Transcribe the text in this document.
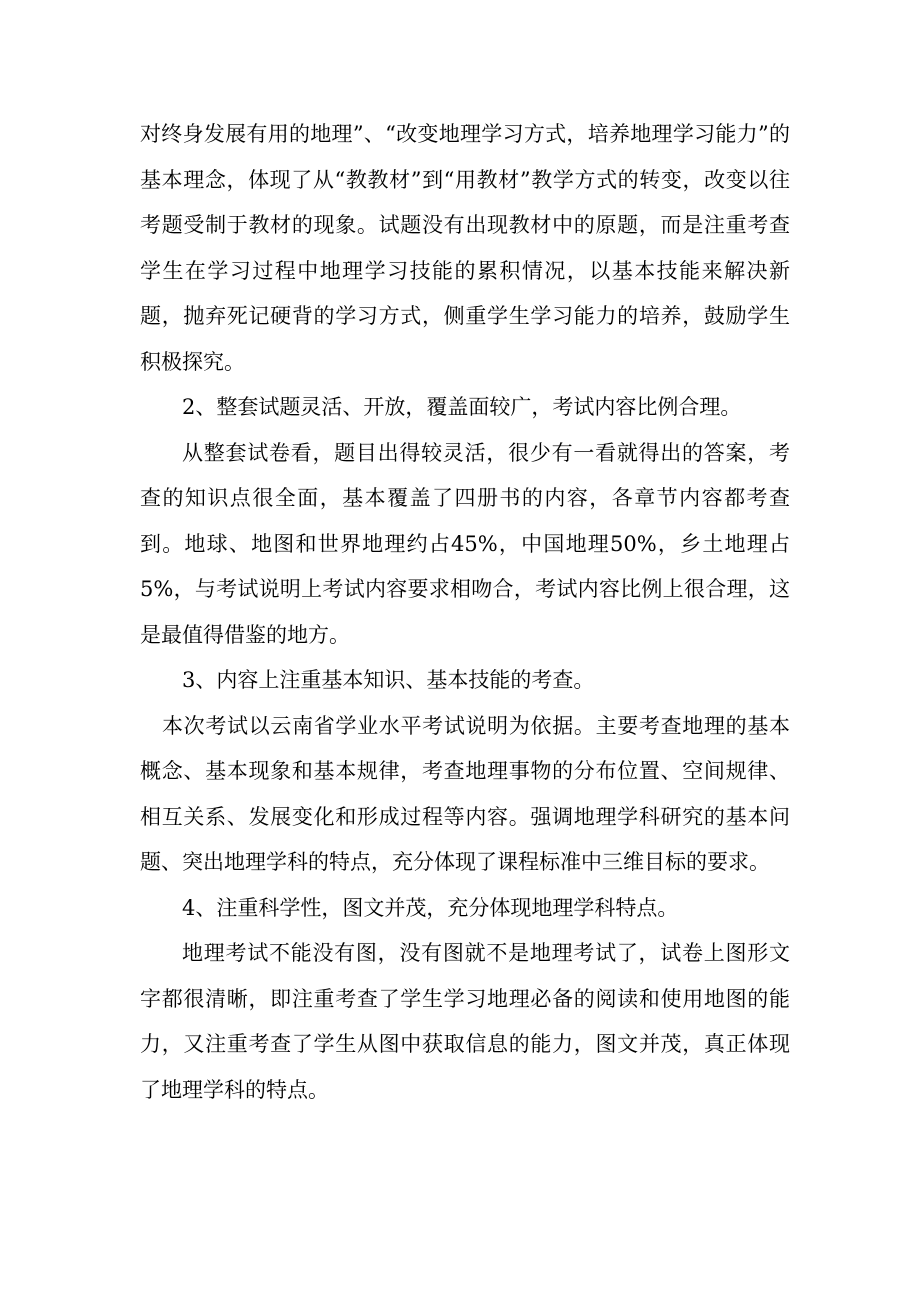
对终身发展有用的地理”、“改变地理学习方式，培养地理学习能力”的基本理念，体现了从“教教材”到“用教材”教学方式的转变，改变以往考题受制于教材的现象。试题没有出现教材中的原题，而是注重考查学生在学习过程中地理学习技能的累积情况，以基本技能来解决新题，抛弃死记硬背的学习方式，侧重学生学习能力的培养，鼓励学生积极探究。

2、整套试题灵活、开放，覆盖面较广，考试内容比例合理。

从整套试卷看，题目出得较灵活，很少有一看就得出的答案，考查的知识点很全面，基本覆盖了四册书的内容，各章节内容都考查到。地球、地图和世界地理约占45%，中国地理50%，乡土地理占5%，与考试说明上考试内容要求相吻合，考试内容比例上很合理，这是最值得借鉴的地方。

3、内容上注重基本知识、基本技能的考查。

本次考试以云南省学业水平考试说明为依据。主要考查地理的基本概念、基本现象和基本规律，考查地理事物的分布位置、空间规律、相互关系、发展变化和形成过程等内容。强调地理学科研究的基本问题、突出地理学科的特点，充分体现了课程标准中三维目标的要求。

4、注重科学性，图文并茂，充分体现地理学科特点。

地理考试不能没有图，没有图就不是地理考试了，试卷上图形文字都很清晰，即注重考查了学生学习地理必备的阅读和使用地图的能力，又注重考查了学生从图中获取信息的能力，图文并茂，真正体现了地理学科的特点。
